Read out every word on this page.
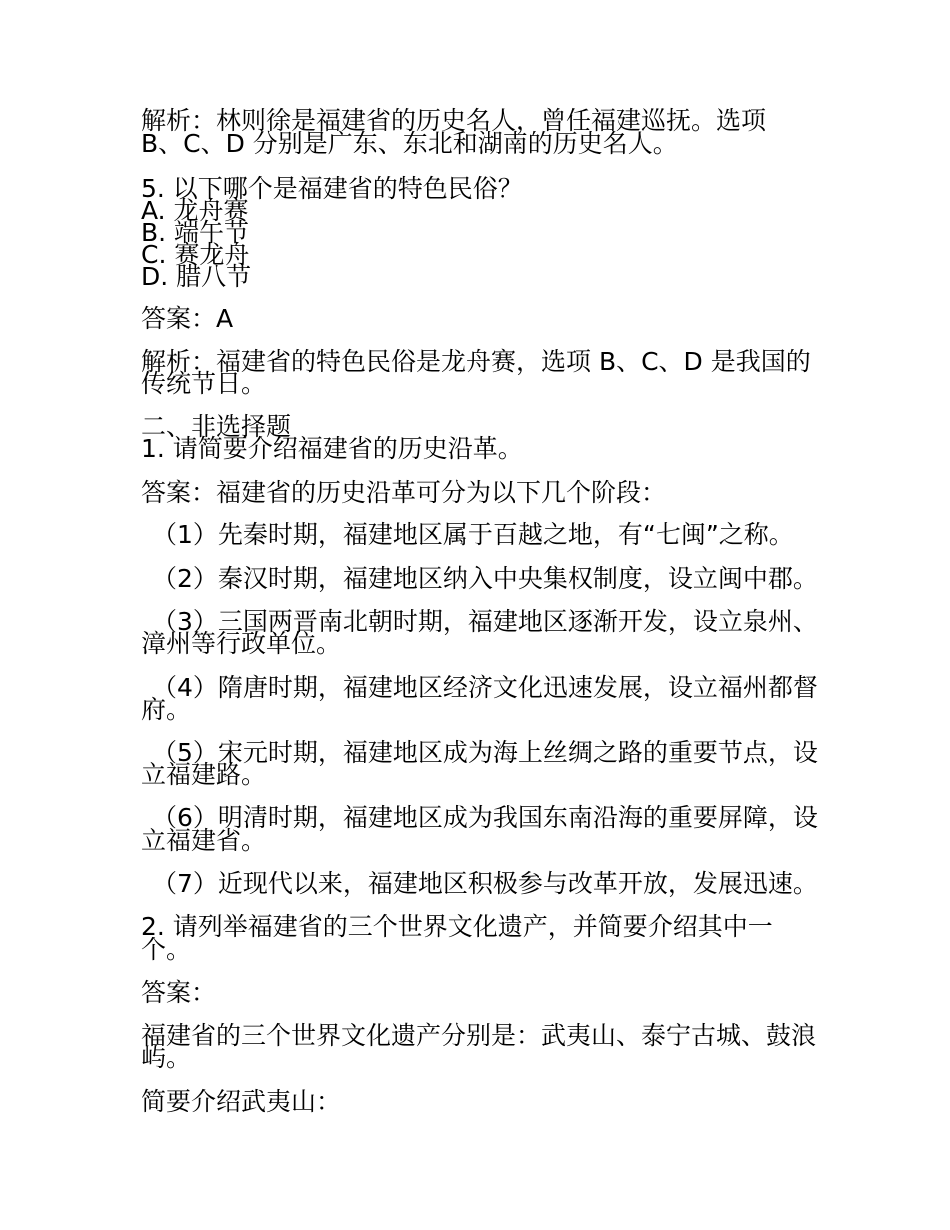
解析：林则徐是福建省的历史名人，曾任福建巡抚。选项
B、C、D 分别是广东、东北和湖南的历史名人。
5. 以下哪个是福建省的特色民俗？
A. 龙舟赛
B. 端午节
C. 赛龙舟
D. 腊八节
答案：A
解析：福建省的特色民俗是龙舟赛，选项 B、C、D 是我国的
传统节日。
二、非选择题
1. 请简要介绍福建省的历史沿革。
答案：福建省的历史沿革可分为以下几个阶段：
（1）先秦时期，福建地区属于百越之地，有“七闽”之称。
（2）秦汉时期，福建地区纳入中央集权制度，设立闽中郡。
（3）三国两晋南北朝时期，福建地区逐渐开发，设立泉州、
漳州等行政单位。
（4）隋唐时期，福建地区经济文化迅速发展，设立福州都督
府。
（5）宋元时期，福建地区成为海上丝绸之路的重要节点，设
立福建路。
（6）明清时期，福建地区成为我国东南沿海的重要屏障，设
立福建省。
（7）近现代以来，福建地区积极参与改革开放，发展迅速。
2. 请列举福建省的三个世界文化遗产，并简要介绍其中一
个。
答案：
福建省的三个世界文化遗产分别是：武夷山、泰宁古城、鼓浪
屿。
简要介绍武夷山：
